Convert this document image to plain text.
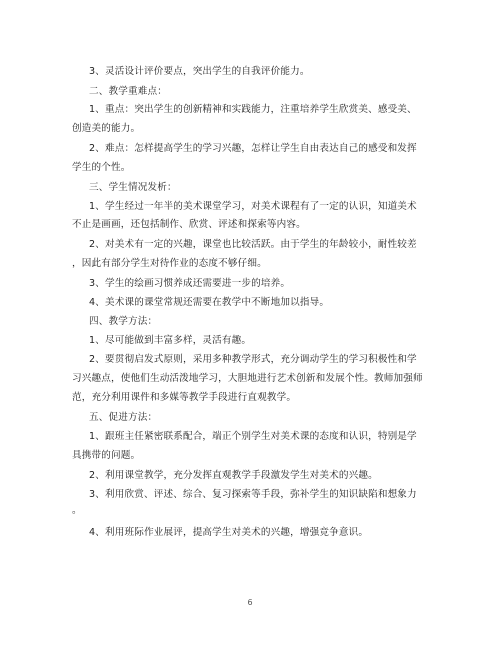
3、灵活设计评价要点，突出学生的自我评价能力。
二、教学重难点：
1、重点：突出学生的创新精神和实践能力，注重培养学生欣赏美、感受美、
创造美的能力。
2、难点：怎样提高学生的学习兴趣，怎样让学生自由表达自己的感受和发挥
学生的个性。
三、学生情况发析：
1、学生经过一年半的美术课堂学习，对美术课程有了一定的认识，知道美术
不止是画画，还包括制作、欣赏、评述和探索等内容。
2、对美术有一定的兴趣，课堂也比较活跃。由于学生的年龄较小，耐性较差
，因此有部分学生对待作业的态度不够仔细。
3、学生的绘画习惯养成还需要进一步的培养。
4、美术课的课堂常规还需要在教学中不断地加以指导。
四、教学方法：
1、尽可能做到丰富多样，灵活有趣。
2、要贯彻启发式原则，采用多种教学形式，充分调动学生的学习积极性和学
习兴趣点，使他们生动活泼地学习，大胆地进行艺术创新和发展个性。教师加强师
范，充分利用课件和多媒等教学手段进行直观教学。
五、促进方法：
1、跟班主任紧密联系配合，端正个别学生对美术课的态度和认识，特别是学
具携带的问题。
2、利用课堂教学，充分发挥直观教学手段激发学生对美术的兴趣。
3、利用欣赏、评述、综合、复习探索等手段，弥补学生的知识缺陷和想象力
。
4、利用班际作业展评，提高学生对美术的兴趣，增强竞争意识。
6
